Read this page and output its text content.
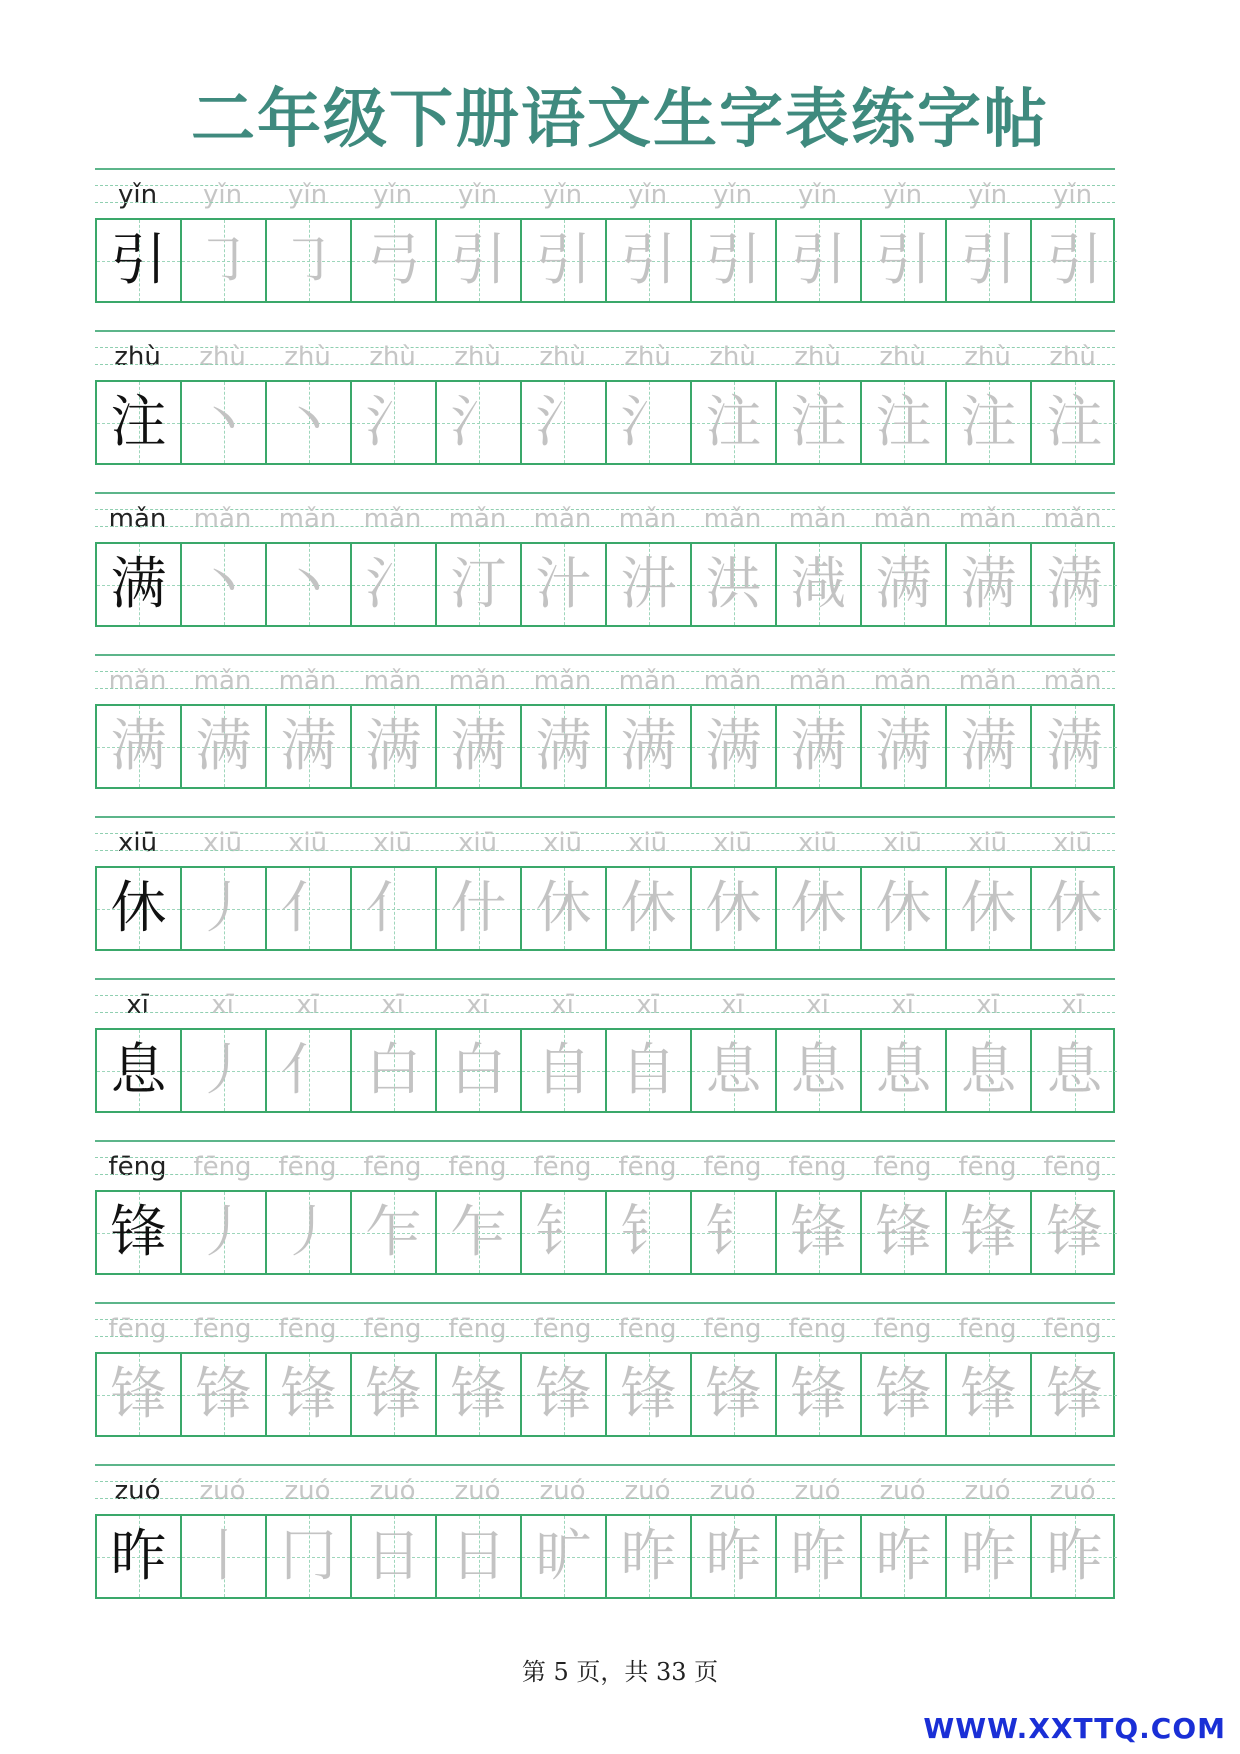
二年级下册语文生字表练字帖
yǐn	yǐn	yǐn	yǐn	yǐn	yǐn	yǐn	yǐn	yǐn	yǐn	yǐn	yǐn
引 ㇆ ㇆ 弓 引 引 引 引 引 引 引 引
zhù	zhù	zhù	zhù	zhù	zhù	zhù	zhù	zhù	zhù	zhù	zhù
注 丶 丶 氵 氵 氵 氵 注 注 注 注 注
mǎn	mǎn	mǎn	mǎn	mǎn	mǎn	mǎn	mǎn	mǎn	mǎn	mǎn	mǎn
满 丶 丶 氵 汀 汁 汫 洪 渽 满 满 满
mǎn	mǎn	mǎn	mǎn	mǎn	mǎn	mǎn	mǎn	mǎn	mǎn	mǎn	mǎn
满 满 满 满 满 满 满 满 满 满 满 满
xiū	xiū	xiū	xiū	xiū	xiū	xiū	xiū	xiū	xiū	xiū	xiū
休 丿 亻 亻 什 休 休 休 休 休 休 休
xī	xī	xī	xī	xī	xī	xī	xī	xī	xī	xī	xī
息 丿 亻 白 白 自 自 息 息 息 息 息
fēng	fēng	fēng	fēng	fēng	fēng	fēng	fēng	fēng	fēng	fēng	fēng
锋 丿 丿 乍 乍 钅 钅 钅 锋 锋 锋 锋
fēng	fēng	fēng	fēng	fēng	fēng	fēng	fēng	fēng	fēng	fēng	fēng
锋 锋 锋 锋 锋 锋 锋 锋 锋 锋 锋 锋
zuó	zuó	zuó	zuó	zuó	zuó	zuó	zuó	zuó	zuó	zuó	zuó
昨 丨 冂 日 日 旷 昨 昨 昨 昨 昨 昨
第 5 页，共 33 页
WWW.XXTTQ.COM
